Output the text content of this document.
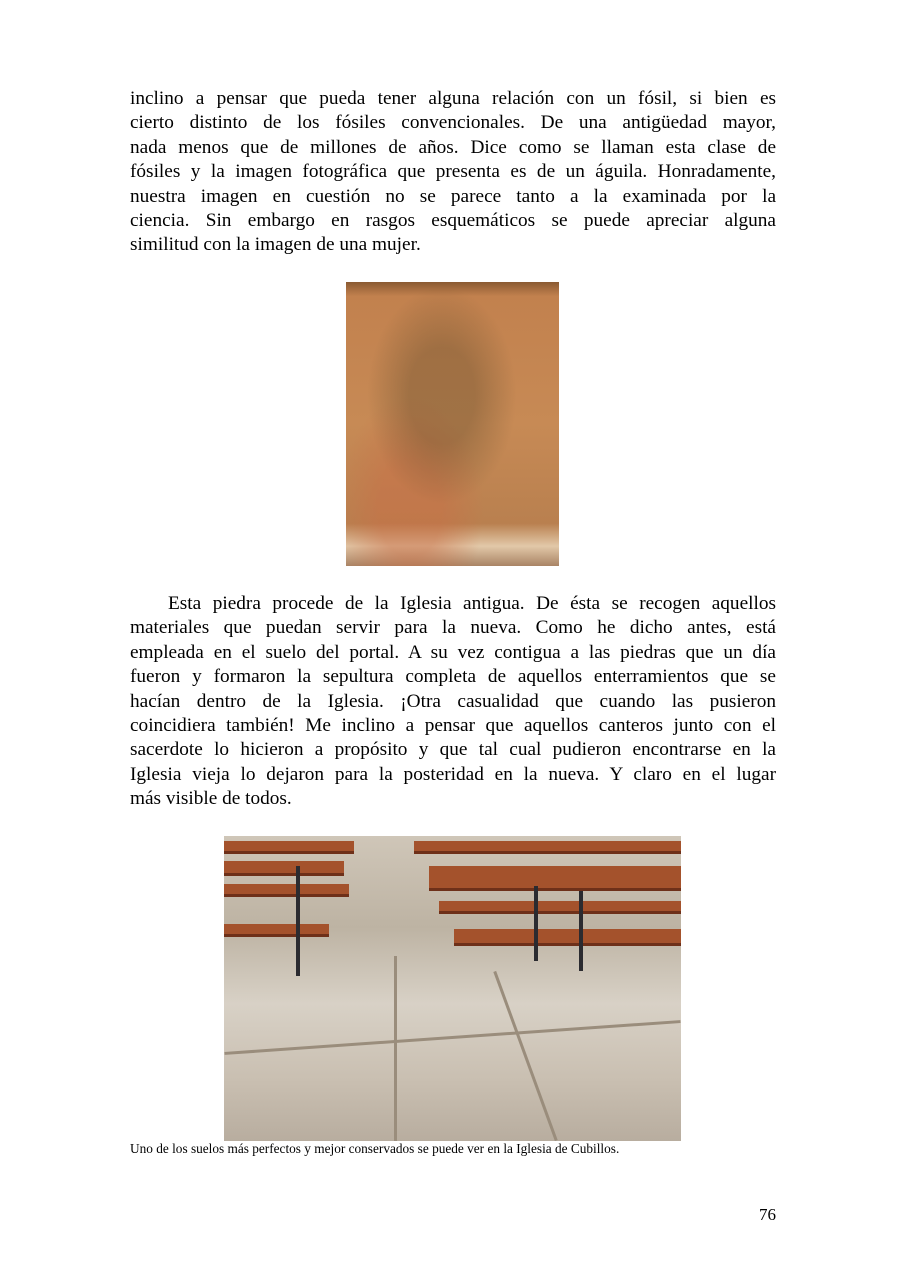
inclino a pensar que pueda tener alguna relación con un fósil, si bien es
cierto distinto de los fósiles convencionales. De una antigüedad mayor,
nada menos que de millones de años. Dice como se llaman esta clase de
fósiles y la imagen fotográfica que presenta es de un águila. Honradamente,
nuestra imagen en cuestión no se parece tanto a la examinada por la
ciencia. Sin embargo en rasgos esquemáticos se puede apreciar alguna
similitud con la imagen de una mujer.
Esta piedra procede de la Iglesia antigua. De ésta se recogen aquellos
materiales que puedan servir para la nueva. Como he dicho antes, está
empleada en el suelo del portal. A su vez contigua a las piedras que un día
fueron y formaron la sepultura completa de aquellos enterramientos que se
hacían dentro de la Iglesia. ¡Otra casualidad que cuando las pusieron
coincidiera también! Me inclino a pensar que aquellos canteros junto con el
sacerdote lo hicieron a propósito y que tal cual pudieron encontrarse en la
Iglesia vieja lo dejaron para la posteridad en la nueva. Y claro en el lugar
más visible de todos.
Uno de los suelos más perfectos y mejor conservados se puede ver en la Iglesia de Cubillos.
76
